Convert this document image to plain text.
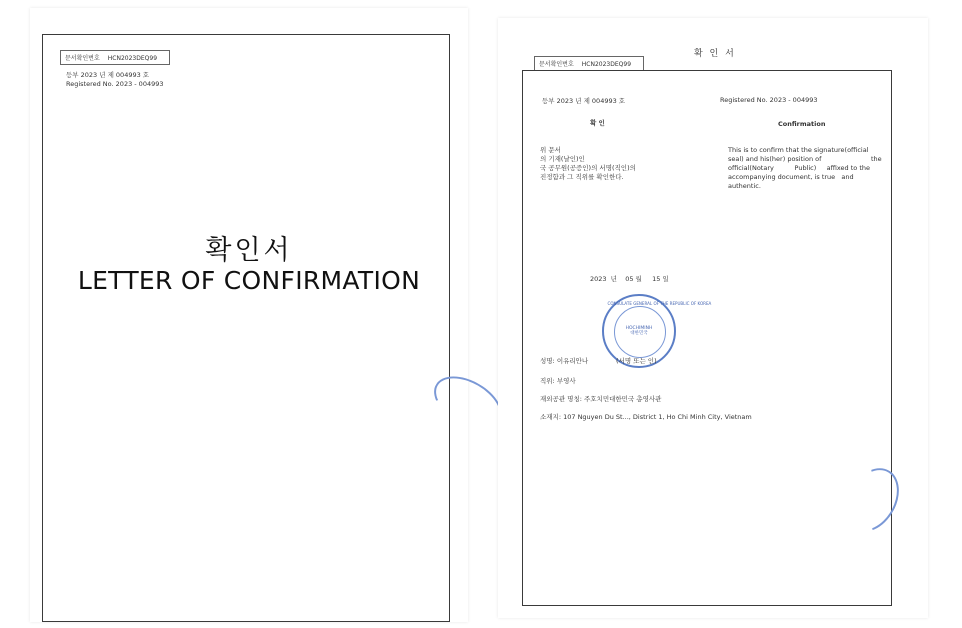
문서확인번호 HCN2023DEQ99
등부 2023 년 제 004993 호
Registered No. 2023 - 004993
확인서
LETTER OF CONFIRMATION
문서확인번호 HCN2023DEQ99
확 인 서
등부 2023 년 제 004993 호	Registered No. 2023 - 004993
확 인	Confirmation
위 문서
의 기재(날인)인
국 공무원(공증인)의 서명(직인)의
진정함과 그 직위를 확인한다.
This is to confirm that the signature(official
seal) and his(her) position of                        the
official(Notary          Public)     affixed to the
accompanying document, is true   and
authentic.
2023  년    05 월     15 일
CONSULATE GENERAL OF THE REPUBLIC OF KOREA
HOCHIMINH
대한민국
성명: 이유리안나	(서명 또는 인)
직위: 부영사
재외공관 명칭: 주호치민대한민국 총영사관
소재지: 107 Nguyen Du St..., District 1, Ho Chi Minh City, Vietnam
